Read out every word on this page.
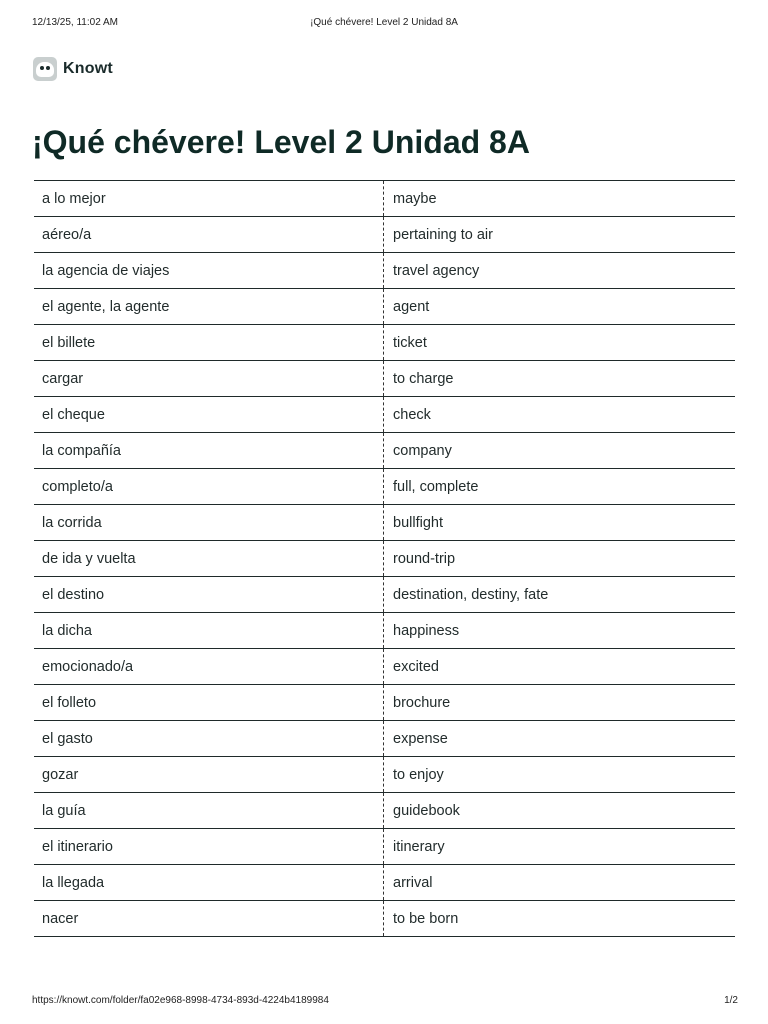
12/13/25, 11:02 AM	¡Qué chévere! Level 2 Unidad 8A
Knowt
¡Qué chévere! Level 2 Unidad 8A
a lo mejor	maybe
aéreo/a	pertaining to air
la agencia de viajes	travel agency
el agente, la agente	agent
el billete	ticket
cargar	to charge
el cheque	check
la compañía	company
completo/a	full, complete
la corrida	bullfight
de ida y vuelta	round-trip
el destino	destination, destiny, fate
la dicha	happiness
emocionado/a	excited
el folleto	brochure
el gasto	expense
gozar	to enjoy
la guía	guidebook
el itinerario	itinerary
la llegada	arrival
nacer	to be born
https://knowt.com/folder/fa02e968-8998-4734-893d-4224b4189984	1/2
